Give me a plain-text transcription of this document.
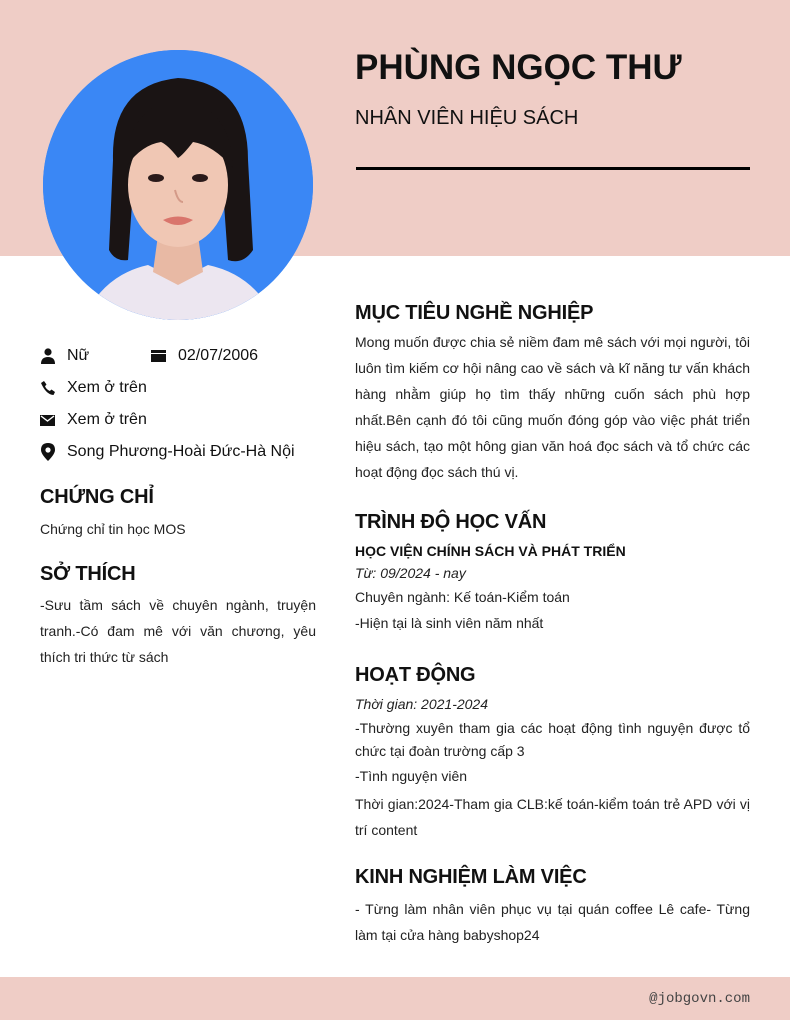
PHÙNG NGỌC THƯ
NHÂN VIÊN HIỆU SÁCH
Nữ	02/07/2006
Xem ở trên
Xem ở trên
Song Phương-Hoài Đức-Hà Nội
CHỨNG CHỈ
Chứng chỉ tin học MOS
SỞ THÍCH
-Sưu tầm sách về chuyên ngành, truyện tranh.-Có đam mê với văn chương, yêu thích tri thức từ sách
MỤC TIÊU NGHỀ NGHIỆP
Mong muốn được chia sẻ niềm đam mê sách với mọi người, tôi luôn tìm kiếm cơ hội nâng cao về sách và kĩ năng tư vấn khách hàng nhằm giúp họ tìm thấy những cuốn sách phù hợp nhất.Bên cạnh đó tôi cũng muốn đóng góp vào việc phát triển hiệu sách, tạo một hông gian văn hoá đọc sách và tổ chức các hoạt động đọc sách thú vị.
TRÌNH ĐỘ HỌC VẤN
HỌC VIỆN CHÍNH SÁCH VÀ PHÁT TRIỂN
Từ: 09/2024 - nay
Chuyên ngành: Kế toán-Kiểm toán
-Hiện tại là sinh viên năm nhất
HOẠT ĐỘNG
Thời gian: 2021-2024
-Thường xuyên tham gia các hoạt động tình nguyện được tổ chức tại đoàn trường cấp 3
-Tình nguyện viên
Thời gian:2024-Tham gia CLB:kế toán-kiểm toán trẻ APD với vị trí content
KINH NGHIỆM LÀM VIỆC
- Từng làm nhân viên phục vụ tại quán coffee Lê cafe- Từng làm tại cửa hàng babyshop24
@jobgovn.com
